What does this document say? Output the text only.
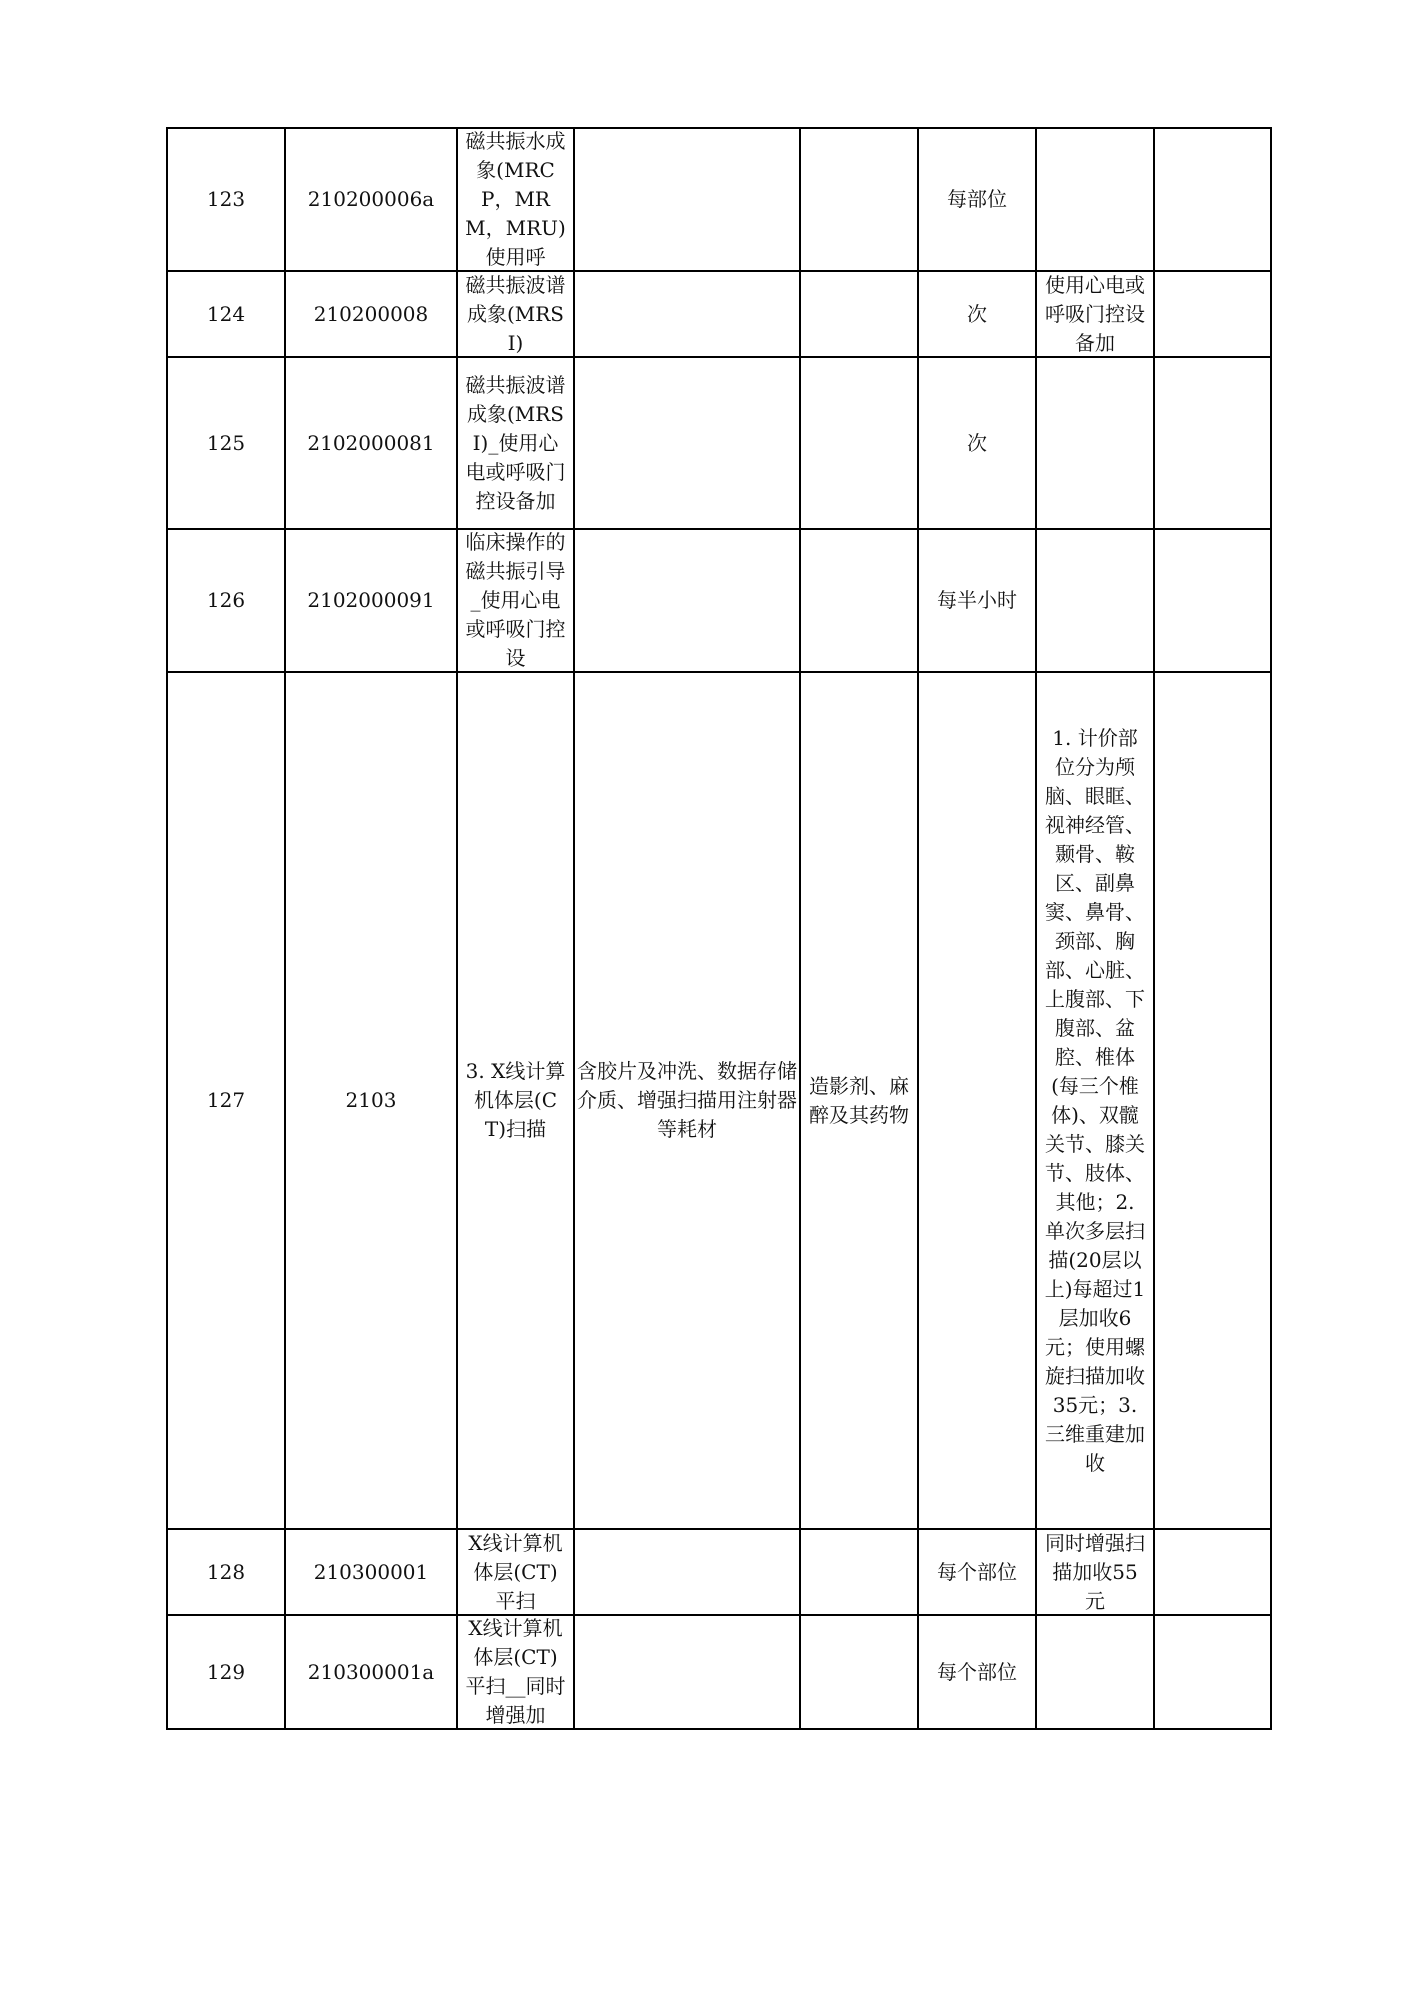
123	210200006a	磁共振水成象(MRCP，MRM，MRU)使用呼			每部位		
124	210200008	磁共振波谱成象(MRSI)			次	使用心电或呼吸门控设备加	

125	2102000081	磁共振波谱成象(MRSI)_使用心电或呼吸门控设备加			次		
126	2102000091	临床操作的磁共振引导_使用心电或呼吸门控设			每半小时		
127	2103	3. X线计算机体层(CT)扫描	含胶片及冲洗、数据存储介质、增强扫描用注射器等耗材	造影剂、麻醉及其药物		1. 计价部位分为颅脑、眼眶、视神经管、颞骨、鞍区、副鼻窦、鼻骨、 颈部、胸部、心脏、上腹部、下腹部、盆腔、椎体(每三个椎体)、双髋关节、膝关节、肢体、其他；2. 单次多层扫描(20层以上)每超过1层加收6元；使用螺旋扫描加收35元；3. 三维重建加收	

128	210300001	X线计算机体层(CT)平扫			每个部位	同时增强扫描加收55元	

129	210300001a	X线计算机体层(CT)平扫__同时增强加			每个部位		
